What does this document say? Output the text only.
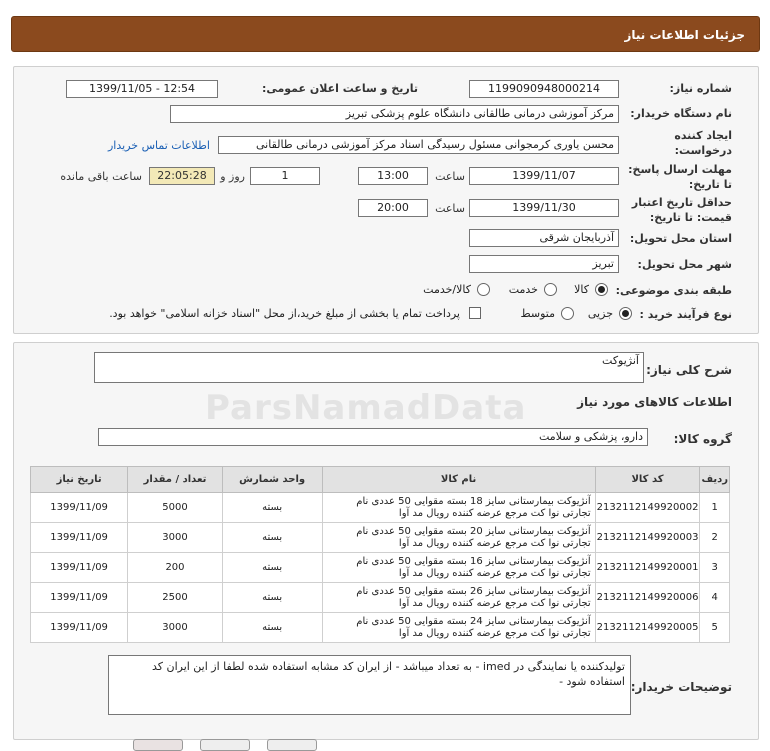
جزئیات اطلاعات نیاز
شماره نیاز:
1199090948000214
تاریخ و ساعت اعلان عمومی:
1399/11/05 - 12:54
نام دستگاه خریدار:
مرکز آموزشی درمانی طالقانی دانشگاه علوم پزشکی تبریز
ایجاد کننده درخواست:
محسن یاوری کرمجوانی مسئول رسیدگی اسناد مرکز آموزشی درمانی طالقانی
اطلاعات تماس خریدار
مهلت ارسال پاسخ: تا تاریخ:
1399/11/07
ساعت
13:00
1
روز و
22:05:28
ساعت باقی مانده
حداقل تاریخ اعتبار قیمت: تا تاریخ:
1399/11/30
ساعت
20:00
استان محل تحویل:
آذربایجان شرقی
شهر محل تحویل:
تبریز
طبقه بندی موضوعی:
کالا
خدمت
کالا/خدمت
نوع فرآیند خرید :
جزیی
متوسط
پرداخت تمام یا بخشی از مبلغ خرید،از محل "اسناد خزانه اسلامی" خواهد بود.
ParsNamadData
شرح کلی نیاز:
آنژیوکت
اطلاعات کالاهای مورد نیاز
گروه کالا:
دارو، پزشکی و سلامت
ردیف	کد کالا	نام کالا	واحد شمارش	تعداد / مقدار	تاریخ نیاز
1	2132112149920002	آنژیوکت بیمارستانی سایز 18 بسته مقوایی 50 عددی نام تجارتی نوا کت مرجع عرضه کننده رویال مد آوا	بسته	5000	1399/11/09
2	2132112149920003	آنژیوکت بیمارستانی سایز 20 بسته مقوایی 50 عددی نام تجارتی نوا کت مرجع عرضه کننده رویال مد آوا	بسته	3000	1399/11/09
3	2132112149920001	آنژیوکت بیمارستانی سایز 16 بسته مقوایی 50 عددی نام تجارتی نوا کت مرجع عرضه کننده رویال مد آوا	بسته	200	1399/11/09
4	2132112149920006	آنژیوکت بیمارستانی سایز 26 بسته مقوایی 50 عددی نام تجارتی نوا کت مرجع عرضه کننده رویال مد آوا	بسته	2500	1399/11/09
5	2132112149920005	آنژیوکت بیمارستانی سایز 24 بسته مقوایی 50 عددی نام تجارتی نوا کت مرجع عرضه کننده رویال مد آوا	بسته	3000	1399/11/09
توضیحات خریدار:
تولیدکننده یا نمایندگی در imed - به تعداد میباشد - از ایران کد مشابه استفاده شده لطفا از این ایران کد استفاده شود -
